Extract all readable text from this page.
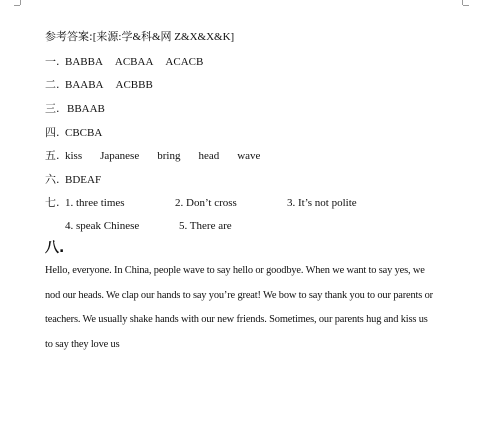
参考答案:[来源:学&科&网 Z&X&X&K]
一. BABBA ACBAA ACACB
二. BAABA ACBBB
三. BBAAB
四. CBCBA
五. kiss Japanese bring head wave
六. BDEAF
七. 1. three times	2. Don’t cross	3. It’s not polite
4. speak Chinese	5. There are
八.
Hello, everyone. In China, people wave to say hello or goodbye. When we want to say yes, we
nod our heads. We clap our hands to say you’re great! We bow to say thank you to our parents or
teachers. We usually shake hands with our new friends. Sometimes, our parents hug and kiss us
to say they love us
